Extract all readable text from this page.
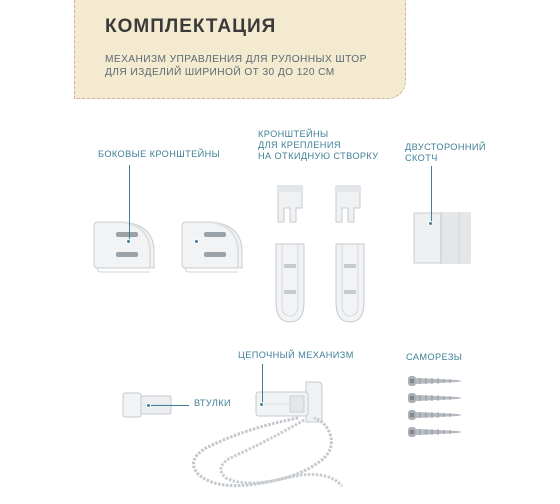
КОМПЛЕКТАЦИЯ
МЕХАНИЗМ УПРАВЛЕНИЯ ДЛЯ РУЛОННЫХ ШТОР
ДЛЯ ИЗДЕЛИЙ ШИРИНОЙ ОТ 30 ДО 120 СМ
БОКОВЫЕ КРОНШТЕЙНЫ
КРОНШТЕЙНЫ
ДЛЯ КРЕПЛЕНИЯ
НА ОТКИДНУЮ СТВОРКУ
ДВУСТОРОННИЙ
СКОТЧ
ВТУЛКИ
ЦЕПОЧНЫЙ МЕХАНИЗМ	САМОРЕЗЫ
